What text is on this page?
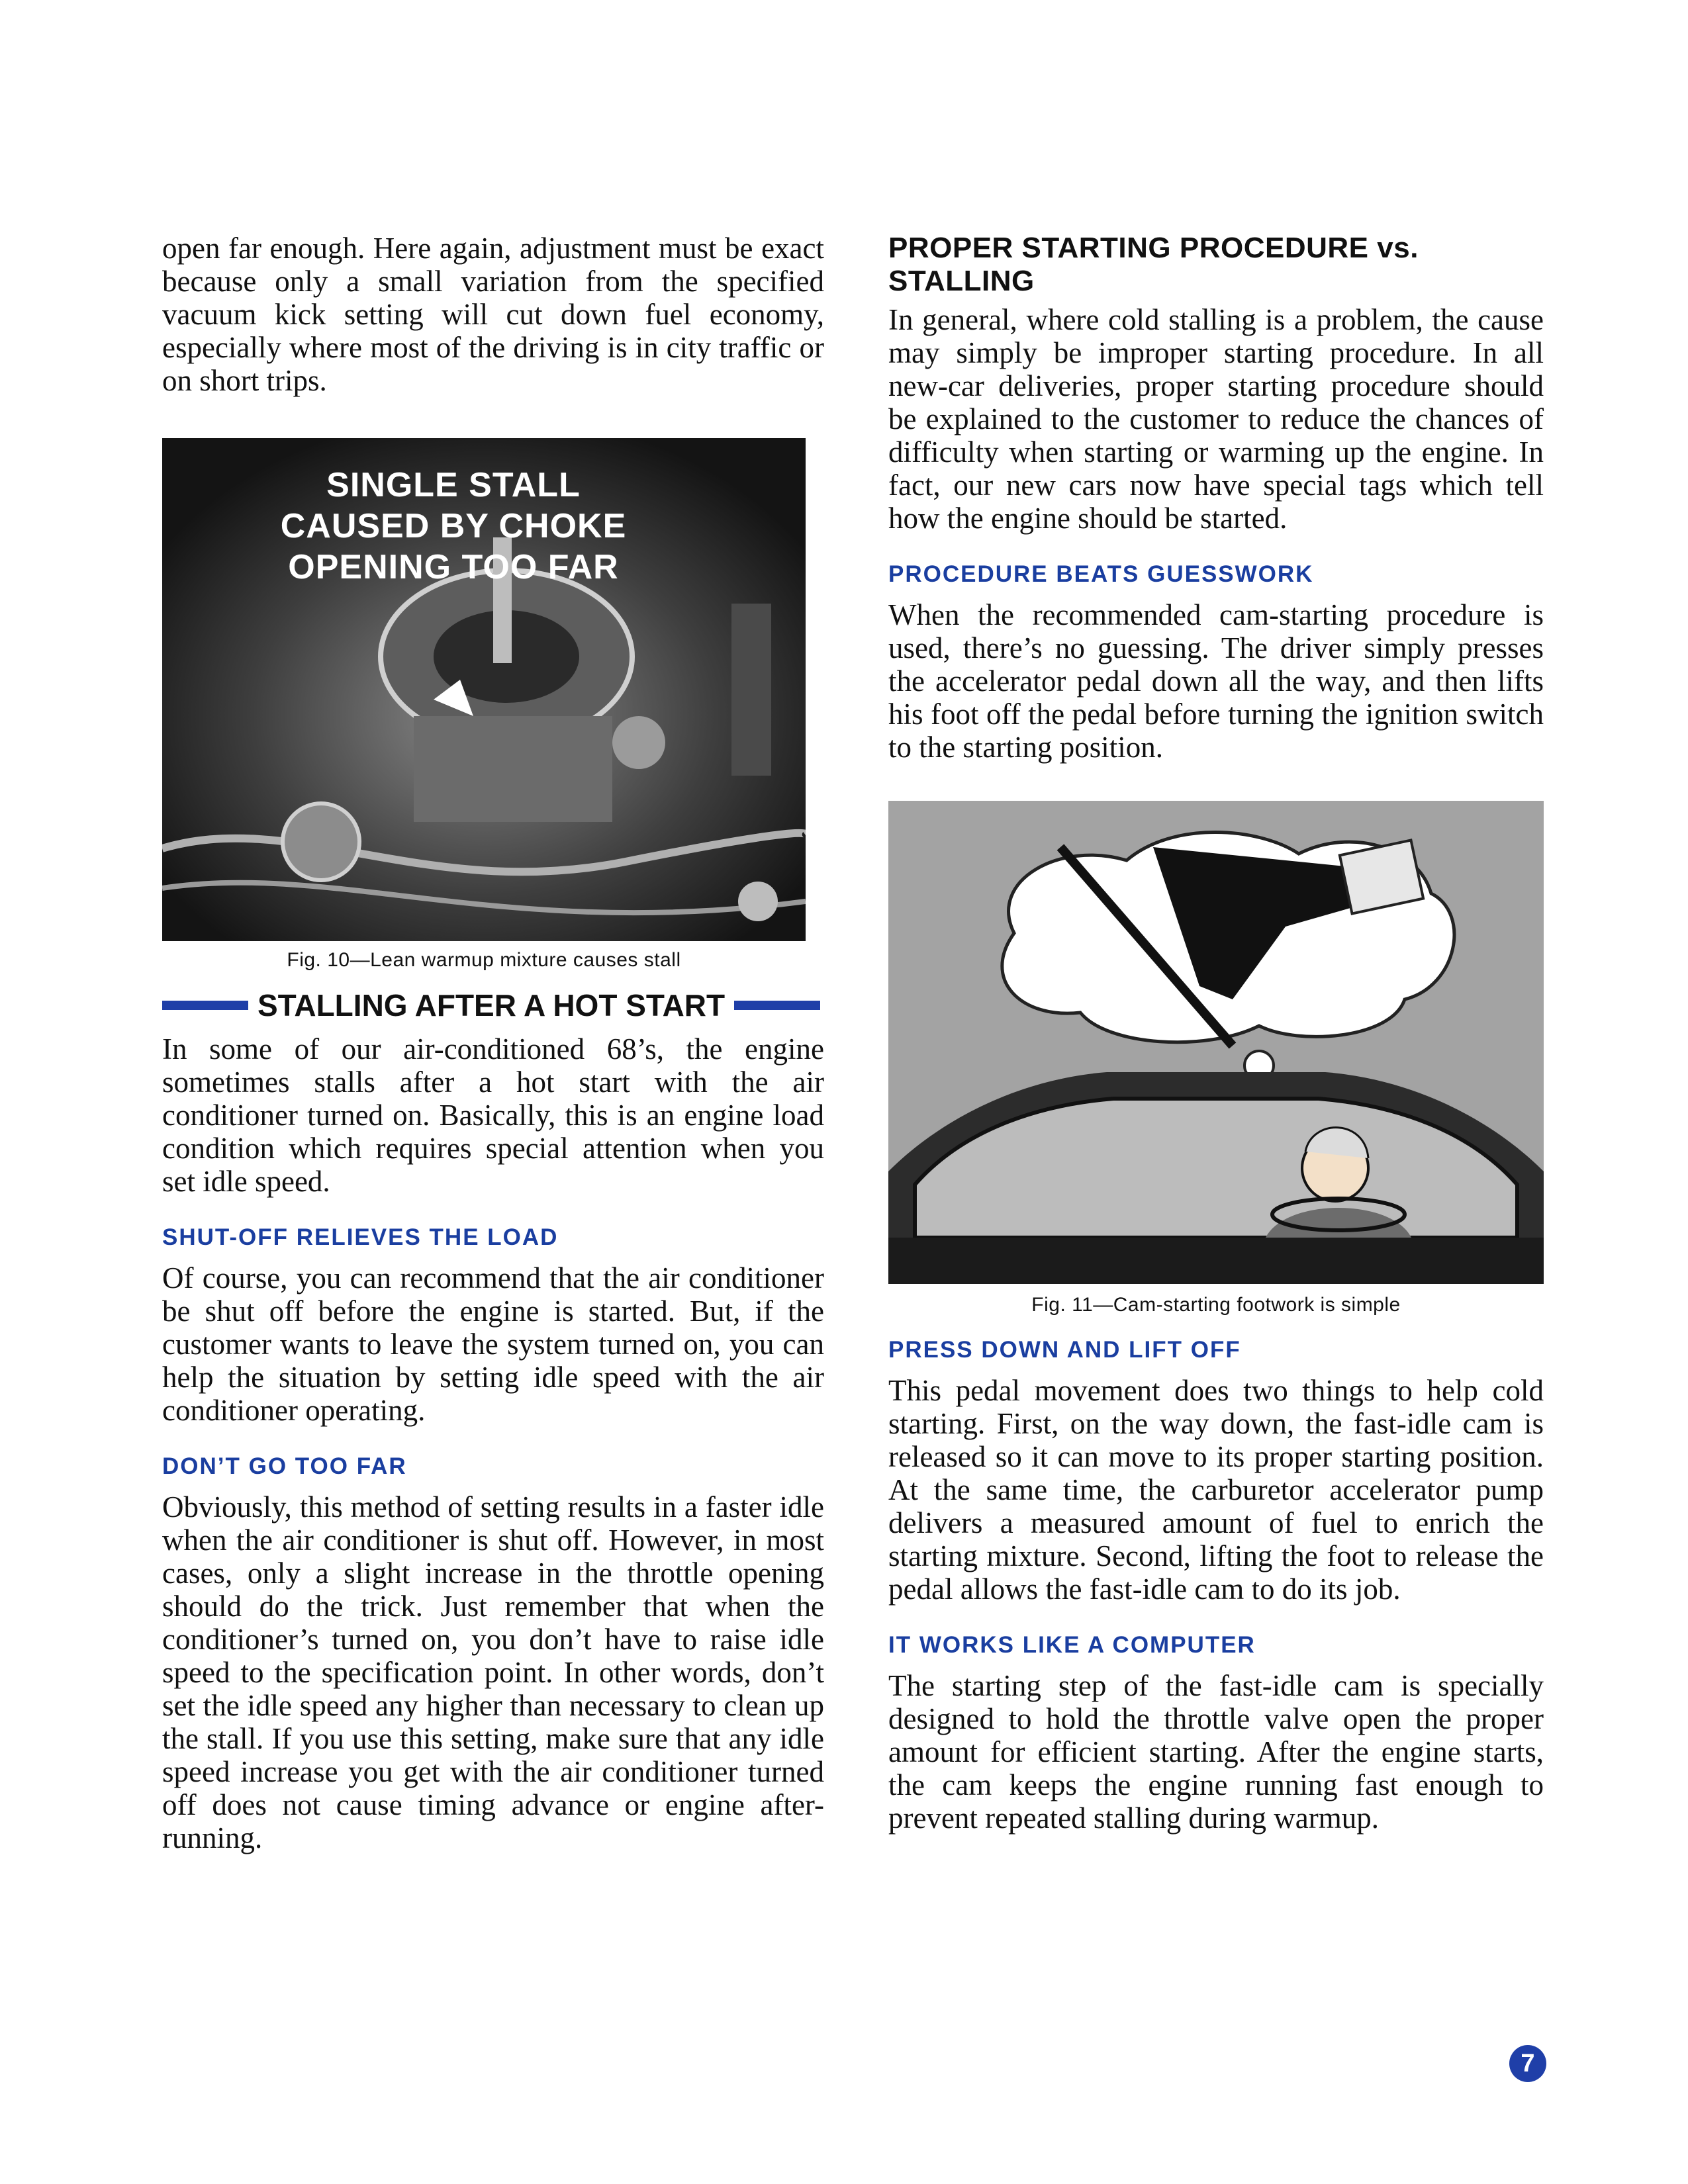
open far enough. Here again, adjustment must be exact because only a small variation from the specified vacuum kick setting will cut down fuel economy, especially where most of the driving is in city traffic or on short trips.

SINGLE STALL CAUSED BY CHOKE OPENING TOO FAR
Fig. 10—Lean warmup mixture causes stall
STALLING AFTER A HOT START

In some of our air-conditioned 68’s, the engine sometimes stalls after a hot start with the air conditioner turned on. Basically, this is an engine load condition which requires special attention when you set idle speed.

SHUT-OFF RELIEVES THE LOAD

Of course, you can recommend that the air conditioner be shut off before the engine is started. But, if the customer wants to leave the system turned on, you can help the situation by setting idle speed with the air conditioner operating.

DON’T GO TOO FAR

Obviously, this method of setting results in a faster idle when the air conditioner is shut off. However, in most cases, only a slight increase in the throttle opening should do the trick. Just remember that when the conditioner’s turned on, you don’t have to raise idle speed to the specification point. In other words, don’t set the idle speed any higher than necessary to clean up the stall. If you use this setting, make sure that any idle speed increase you get with the air conditioner turned off does not cause timing advance or engine after-running.

PROPER STARTING PROCEDURE vs. STALLING

In general, where cold stalling is a problem, the cause may simply be improper starting procedure. In all new-car deliveries, proper starting procedure should be explained to the customer to reduce the chances of difficulty when starting or warming up the engine. In fact, our new cars now have special tags which tell how the engine should be started.

PROCEDURE BEATS GUESSWORK

When the recommended cam-starting procedure is used, there’s no guessing. The driver simply presses the accelerator pedal down all the way, and then lifts his foot off the pedal before turning the ignition switch to the starting position.

Fig. 11—Cam-starting footwork is simple
PRESS DOWN AND LIFT OFF

This pedal movement does two things to help cold starting. First, on the way down, the fast-idle cam is released so it can move to its proper starting position. At the same time, the carburetor accelerator pump delivers a measured amount of fuel to enrich the starting mixture. Second, lifting the foot to release the pedal allows the fast-idle cam to do its job.

IT WORKS LIKE A COMPUTER

The starting step of the fast-idle cam is specially designed to hold the throttle valve open the proper amount for efficient starting. After the engine starts, the cam keeps the engine running fast enough to prevent repeated stalling during warmup.

7
